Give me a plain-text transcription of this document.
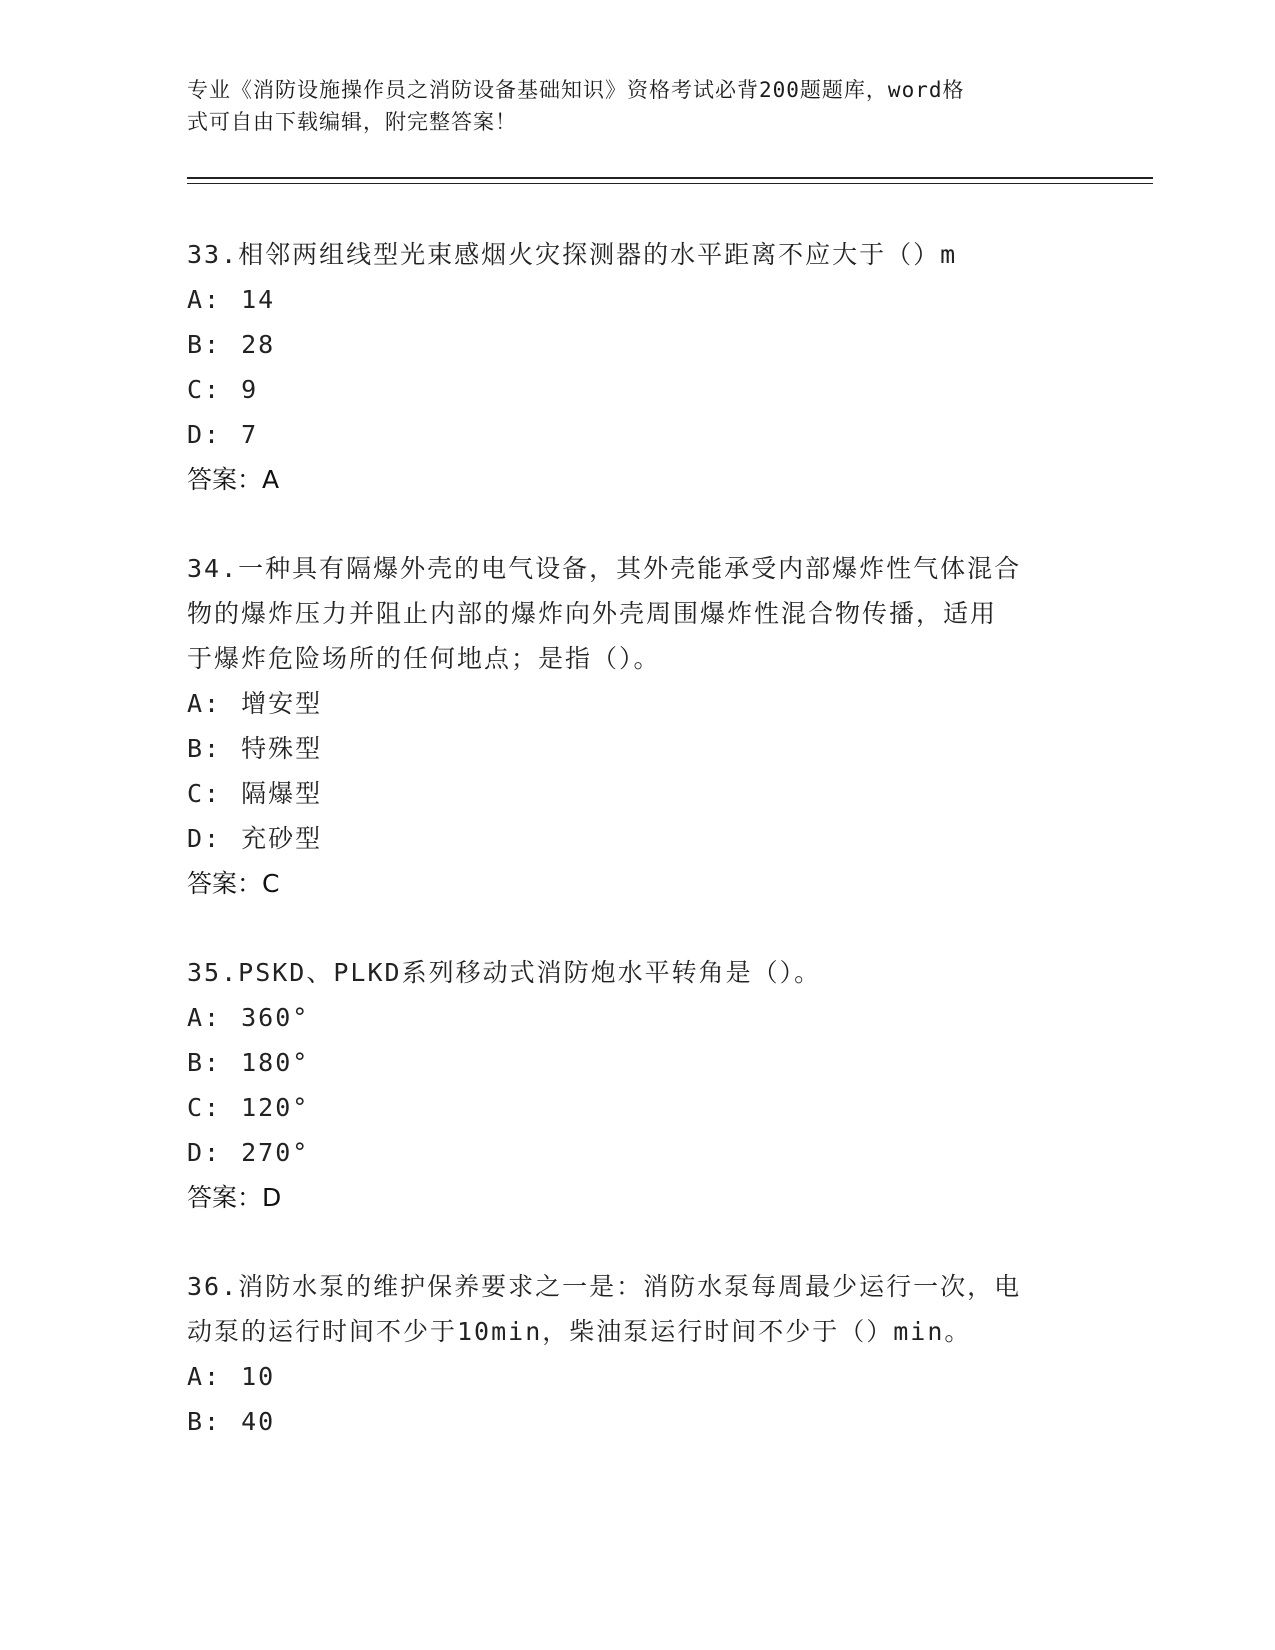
专业《消防设施操作员之消防设备基础知识》资格考试必背200题题库，word格
式可自由下载编辑，附完整答案！
33.相邻两组线型光束感烟火灾探测器的水平距离不应大于（）m
A: 14
B: 28
C: 9
D: 7
答案：A
34.一种具有隔爆外壳的电气设备，其外壳能承受内部爆炸性气体混合
物的爆炸压力并阻止内部的爆炸向外壳周围爆炸性混合物传播，适用
于爆炸危险场所的任何地点；是指（）。
A: 增安型
B: 特殊型
C: 隔爆型
D: 充砂型
答案：C
35.PSKD、PLKD系列移动式消防炮水平转角是（）。
A: 360°
B: 180°
C: 120°
D: 270°
答案：D
36.消防水泵的维护保养要求之一是：消防水泵每周最少运行一次，电
动泵的运行时间不少于10min，柴油泵运行时间不少于（）min。
A: 10
B: 40
